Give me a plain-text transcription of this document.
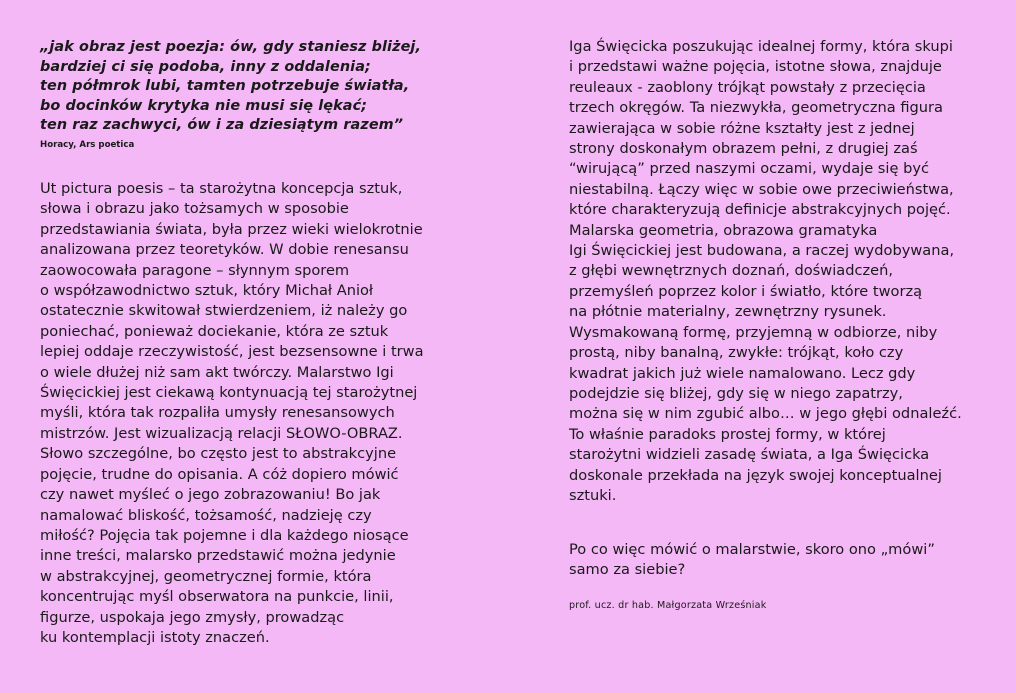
„jak obraz jest poezja: ów, gdy staniesz bliżej,
bardziej ci się podoba, inny z oddalenia;
ten półmrok lubi, tamten potrzebuje światła,
bo docinków krytyka nie musi się lękać;
ten raz zachwyci, ów i za dziesiątym razem”

Horacy, Ars poetica

Ut pictura poesis – ta starożytna koncepcja sztuk,
słowa i obrazu jako tożsamych w sposobie
przedstawiania świata, była przez wieki wielokrotnie
analizowana przez teoretyków. W dobie renesansu
zaowocowała paragone – słynnym sporem
o współzawodnictwo sztuk, który Michał Anioł
ostatecznie skwitował stwierdzeniem, iż należy go
poniechać, ponieważ dociekanie, która ze sztuk
lepiej oddaje rzeczywistość, jest bezsensowne i trwa
o wiele dłużej niż sam akt twórczy. Malarstwo Igi
Święcickiej jest ciekawą kontynuacją tej starożytnej
myśli, która tak rozpaliła umysły renesansowych
mistrzów. Jest wizualizacją relacji SŁOWO-OBRAZ.
Słowo szczególne, bo często jest to abstrakcyjne
pojęcie, trudne do opisania. A cóż dopiero mówić
czy nawet myśleć o jego zobrazowaniu! Bo jak
namalować bliskość, tożsamość, nadzieję czy
miłość? Pojęcia tak pojemne i dla każdego niosące
inne treści, malarsko przedstawić można jedynie
w abstrakcyjnej, geometrycznej formie, która
koncentrując myśl obserwatora na punkcie, linii,
figurze, uspokaja jego zmysły, prowadząc
ku kontemplacji istoty znaczeń.

Iga Święcicka poszukując idealnej formy, która skupi
i przedstawi ważne pojęcia, istotne słowa, znajduje
reuleaux - zaoblony trójkąt powstały z przecięcia
trzech okręgów. Ta niezwykła, geometryczna figura
zawierająca w sobie różne kształty jest z jednej
strony doskonałym obrazem pełni, z drugiej zaś
“wirującą” przed naszymi oczami, wydaje się być
niestabilną. Łączy więc w sobie owe przeciwieństwa,
które charakteryzują definicje abstrakcyjnych pojęć.
Malarska geometria, obrazowa gramatyka
Igi Święcickiej jest budowana, a raczej wydobywana,
z głębi wewnętrznych doznań, doświadczeń,
przemyśleń poprzez kolor i światło, które tworzą
na płótnie materialny, zewnętrzny rysunek.
Wysmakowaną formę, przyjemną w odbiorze, niby
prostą, niby banalną, zwykłe: trójkąt, koło czy
kwadrat jakich już wiele namalowano. Lecz gdy
podejdzie się bliżej, gdy się w niego zapatrzy,
można się w nim zgubić albo… w jego głębi odnaleźć.
To właśnie paradoks prostej formy, w której
starożytni widzieli zasadę świata, a Iga Święcicka
doskonale przekłada na język swojej konceptualnej
sztuki.

Po co więc mówić o malarstwie, skoro ono „mówi”
samo za siebie?

prof. ucz. dr hab. Małgorzata Wrześniak
